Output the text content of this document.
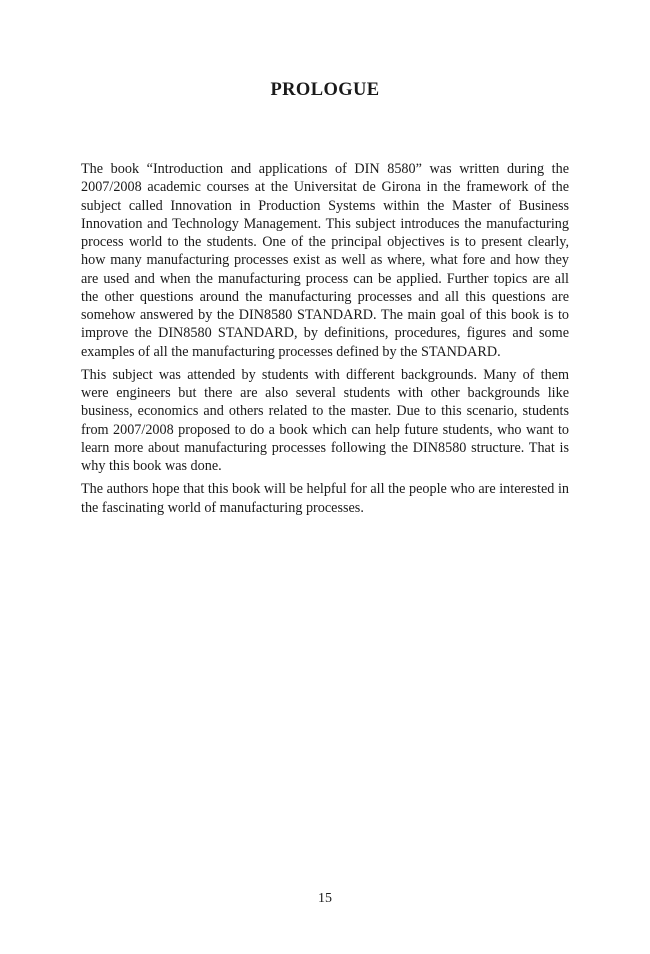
PROLOGUE

The book “Introduction and applications of DIN 8580” was written during the 2007/2008 academic courses at the Universitat de Girona in the framework of the subject called Innovation in Production Systems within the Master of Business Innovation and Technology Management. This subject introduces the manufacturing process world to the students. One of the principal objectives is to present clearly, how many manufacturing processes exist as well as where, what fore and how they are used and when the manufacturing process can be applied. Further topics are all the other questions around the manufacturing processes and all this questions are somehow answered by the DIN8580 STANDARD. The main goal of this book is to improve the DIN8580 STANDARD, by definitions, procedures, figures and some examples of all the manufacturing processes defined by the STANDARD.

This subject was attended by students with different backgrounds. Many of them were engineers but there are also several students with other backgrounds like business, economics and others related to the master. Due to this scenario, students from 2007/2008 proposed to do a book which can help future students, who want to learn more about manufacturing processes following the DIN8580 structure. That is why this book was done.

The authors hope that this book will be helpful for all the people who are interested in the fascinating world of manufacturing processes.

15
